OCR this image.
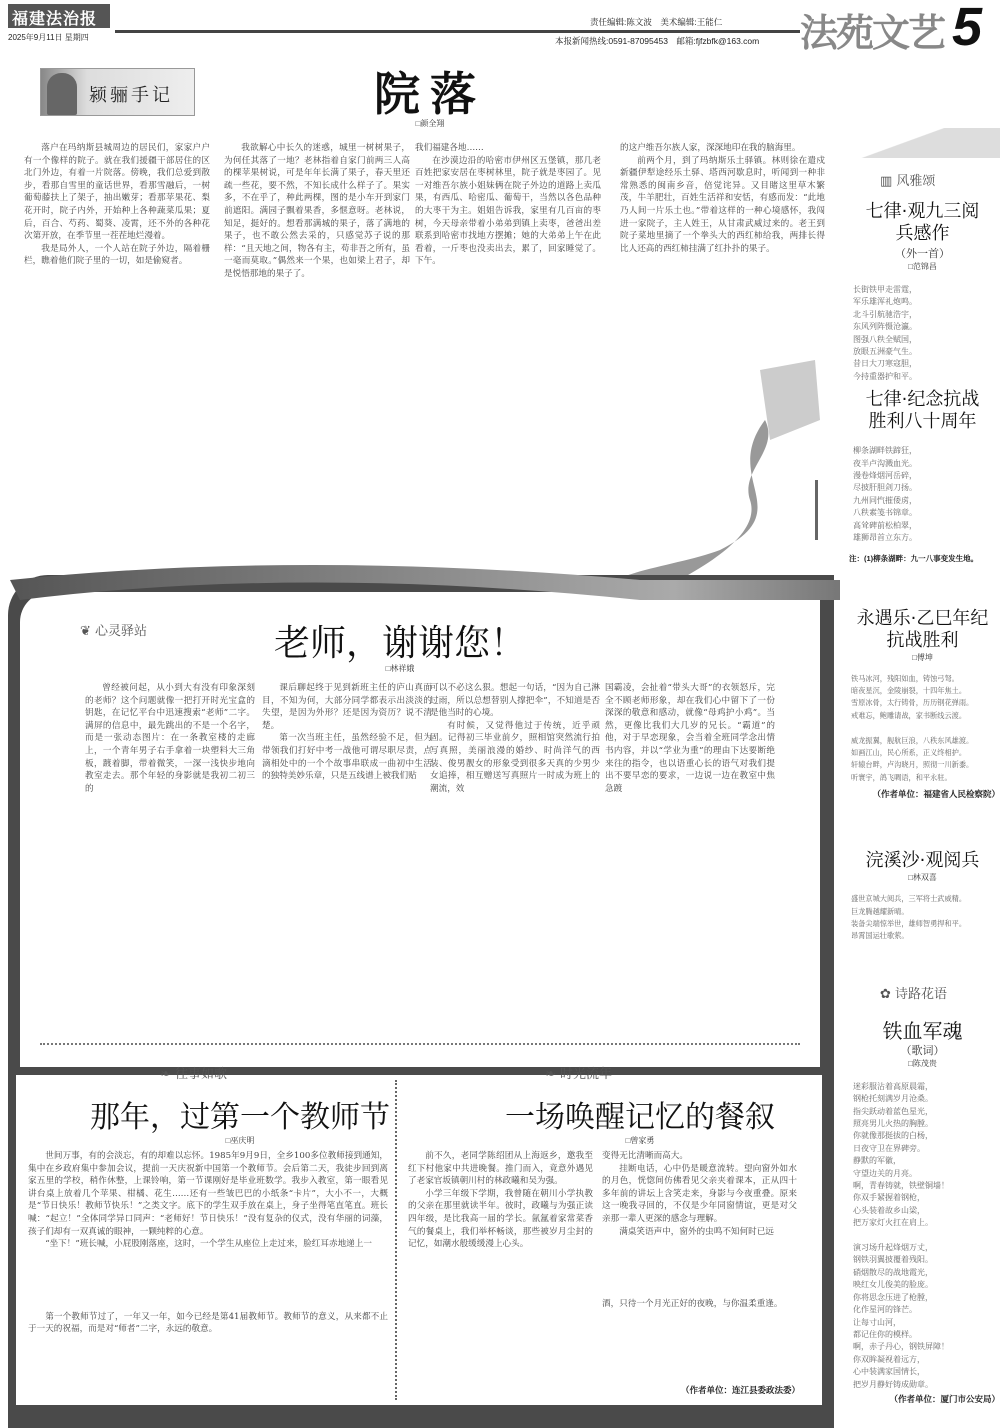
福建法治报
2025年9月11日 星期四
责任编辑:陈文波　美术编辑:王能仁
本报新闻热线:0591-87095453　邮箱:fjfzbfk@163.com 法苑文艺 5
颍骊手记	院落
□颜全翔

落户在玛纳斯县城周边的居民们，家家户户有一个像样的院子。就在我们援疆干部居住的区北门外边，有着一片院落。傍晚，我们总爱到散步，看那自雪里的童话世界，看那雪融后，一树葡萄藤扶上了架子，抽出嫩芽；看那苹果花、梨花开时，院子内外，开始种上各种蔬菜瓜果；夏后，百合、芍药、蜀葵、凌霄，还不外的各种花次第开放，在季节里一茬茬地烂漫着。

我是局外人，一个人站在院子外边，隔着栅栏，瞧着他们院子里的一切，如是偷窥者。

我欲解心中长久的迷惑，城里一树树果子，为何任其落了一地？老林指着自家门前两三人高的棵苹果树说，可是年年长满了果子，春天里还疏一些花，要不然，不知长成什么样子了。果实多，不在乎了，种此两棵，图的是小车开到家门前遮阳。满园子飘着果香，多惬意呀。老林说，知足，挺好的。想看那满城的果子，落了满地的果子，也不敢公然去采的，只感觉苏子说的那样：“且天地之间，物各有主，苟非吾之所有，虽一毫而莫取。”偶然来一个果，也如梁上君子，却是悦悟那地的果子了。

我们福建各地……

在沙漠边沿的哈密市伊州区五堡镇，那几老百姓把家安居在枣树林里，院子就是枣园了。见一对维吾尔族小姐妹俩在院子外边的道路上卖瓜果，有西瓜、哈密瓜、葡萄干，当然以各色品种的大枣干为主。姐姐告诉我，家里有几百亩的枣树，今天母亲带着小弟弟到镇上卖枣，爸爸出差联系到哈密市找地方摆摊；她的大弟弟上午在此看着，一斤枣也没卖出去，累了，回家睡觉了。下午。

的这户维吾尔族人家，深深地印在我的脑海里。

前两个月，到了玛纳斯乐土驿镇。林则徐在遣戍新疆伊犁途经乐土驿、塔西河歇息时，听闻到一种非常熟悉的闽南乡音，倍觉诧异。又目睹这里草木繁茂，牛羊肥壮，百姓生活祥和安恬，有感而发：“此地乃人间一片乐土也。”带着这样的一种心境感怀，我闯进一家院子，主人姓王，从甘肃武威过来的。老王到院子菜地里摘了一个拳头大的西红柿给我，两排长得比人还高的西红柿挂满了红扑扑的果子。

❦ 心灵驿站	老师，谢谢您！
□林祥娥

曾经被问起，从小到大有没有印象深刻的老师？这个问题就像一把打开时光宝盒的钥匙，在记忆平台中迅速搜索“老师”二字。满屏的信息中，最先跳出的不是一个名字，而是一张动态图片：在一条教室楼的走廊上，一个青年男子右手拿着一块塑料大三角板，踱着脚，带着微笑，一深一浅快步地向教室走去。那个年轻的身影就是我初二初三的

课后聊起终于见到新班主任的庐山真面目，不知为何，大部分同学都表示出淡淡的失望，是因为外形？还是因为资历？说不清楚。

第一次当班主任，虽然经验不足，但为带领我们打好中考一战他可谓尽职尽责，点滴相处中的一个个故事串联成一曲初中生活的独特美妙乐章，只是五线谱上被我们贴

可以不必这么狠。想起一句话，“因为自己淋过雨，所以总想替别人撑把伞”，不知道是否是他当时的心境。

有时候，又觉得他过于传统，近乎顽固。记得初三毕业前夕，照相馆突然流行拍写真照，美丽浪漫的婚纱、时尚洋气的西装、俊男靓女的形象受到很多天真的少男少女追捧，相互赠送写真照片一时成为班上的潮流，效

国霸凌，会扯着“带头大哥”的衣领怒斥，完全不顾老师形象，却在我们心中留下了一份深深的敬意和感动，就像“母鸡护小鸡”。当然，更像比我们大几岁的兄长。“霸道”的他，对于早恋现象，会当着全班同学念出情书内容，并以“学业为重”的理由下达要断绝来往的指令，也以语重心长的语气对我们提出不要早恋的要求，一边说一边在教室中焦急踱

❧ 往事如歌	❧ 时光流年
那年，过第一个教师节
□巫庆明
一场唤醒记忆的餐叙
□曾家勇

世间万事，有的会淡忘，有的却难以忘怀。1985年9月9日，全乡100多位教师接到通知，集中在乡政府集中参加会议，提前一天庆祝新中国第一个教师节。会后第二天，我徒步回到离家五里的学校，稍作休整，上课铃响，第一节课刚好是毕业班数学。我步入教室，第一眼看见讲台桌上放着几个苹果、柑橘、花生……还有一些皱巴巴的小纸条“卡片”，大小不一，大概是“节日快乐！教师节快乐！”之类文字。底下的学生双手放在桌上，身子坐得笔直笔直。班长喊：“起立！”全体同学异口同声：“老师好！节日快乐！”没有复杂的仪式，没有华丽的词藻，孩子们却有一双真诚的眼神，一颗纯粹的心意。

“坐下！”班长喊，小屁股刚落座，这时，一个学生从座位上走过来，脸红耳赤地递上一

第一个教师节过了，一年又一年，如今已经是第41届教师节。教师节的意义，从来都不止于一天的祝福，而是对“师者”二字，永远的敬意。

前不久，老同学陈绍团从上海返乡，邀我至红下村他家中共进晚餐。推门而入，竟意外遇见了老家官坂镇朝川村的林政曦和吴为强。

小学三年级下学期，我曾随在朝川小学执教的父亲在那里就读半年。彼时，政曦与为强正读四年级，是比我高一届的学长。氤氲着家常菜香气的餐桌上，我们举杯畅谈，那些被岁月尘封的记忆，如潮水般缓缓漫上心头。

变得无比清晰而高大。

挂断电话，心中仍是暖意流转。望向窗外如水的月色，恍惚间仿佛看见父亲夹着课本，正从四十多年前的讲坛上含笑走来，身影与今夜重叠。原来这一晚我寻回的，不仅是少年同窗情谊，更是对父亲那一辈人更深的感念与理解。

满桌笑语声中，窗外的虫鸣不知何时已远

酒，只待一个月光正好的夜晚，与你温柔重逢。

（作者单位：连江县委政法委）
▥ 风雅颂
七律·观九三阅兵感作
（外一首）
□范锦昌
长街铁甲走雷霆，
军乐雄浑礼炮鸣。
北斗引航驰浩宇，
东风列阵慑沧瀛。
图强八秩全赋国，
放眼五洲豪气生。
昔日大刀寒寇胆，
今持重器护和平。
七律·纪念抗战胜利八十周年
柳条湖畔铁蹄狂，
夜半卢沟溅血光。
漫卷烽烟河岳碎，
尽披肝胆剑刀扬。
九州同忾摧倭虏，
八秩素笺书锦章。
高耸碑前松柏翠，
雄狮昂首立东方。
注：(1)柳条湖畔：九一八事变发生地。
永遇乐·乙巳年纪抗战胜利
□傅坤
铁马冰河，残阳如血，铸蚀弓弩。
暗夜星沉，金陵崩裂，十四年焦土。
雪原冰骨，太行铸骨，历历钢花弹雨。
戒难忘，鲍雕请战，家书断线云渡。

威龙振翼，舰航巨浪，八秩东风雄渡。
如画江山，民心所系，正义终相护。
轩辕台畔，卢沟晓月，照彻一川新黍。
听寰宇，鸽飞啁语，和平永驻。
（作者单位：福建省人民检察院）
浣溪沙·观阅兵
□林双喜
盛世京城大阅兵，三军将士武威精。
巨龙腾越耀新晴。
装备尖端惊举世，雄师智勇捍和平。
昂霄国运壮歌萦。
✿ 诗路花语
铁血军魂
（歌词）
□陈茂贵
迷彩服沾着高原晨霜，
钢枪托刻满岁月沧桑。
指尖跃动着蓝色星光，
照亮男儿火热的胸膛。
你就像那挺拔的白杨，
日夜守卫在界碑旁。
静默的军徽，
守望边关的月亮。
啊，青春铸就，铁壁铜墙！
你双手紧握着钢枪，
心头装着故乡山梁，
把万家灯火扛在肩上。

演习场升起烽烟万丈，
钢铁羽翼披覆着残阳。
硝烟散尽的战地霞光，
映红女儿俊美的脸庞。
你将思念压进了枪膛，
化作星河的锋芒。
让每寸山河，
都记住你的模样。
啊，赤子丹心，钢铁屏障！
你双眸凝视着远方，
心中装满家国情长，
把岁月静好铸成勋章。
（作者单位：厦门市公安局）
